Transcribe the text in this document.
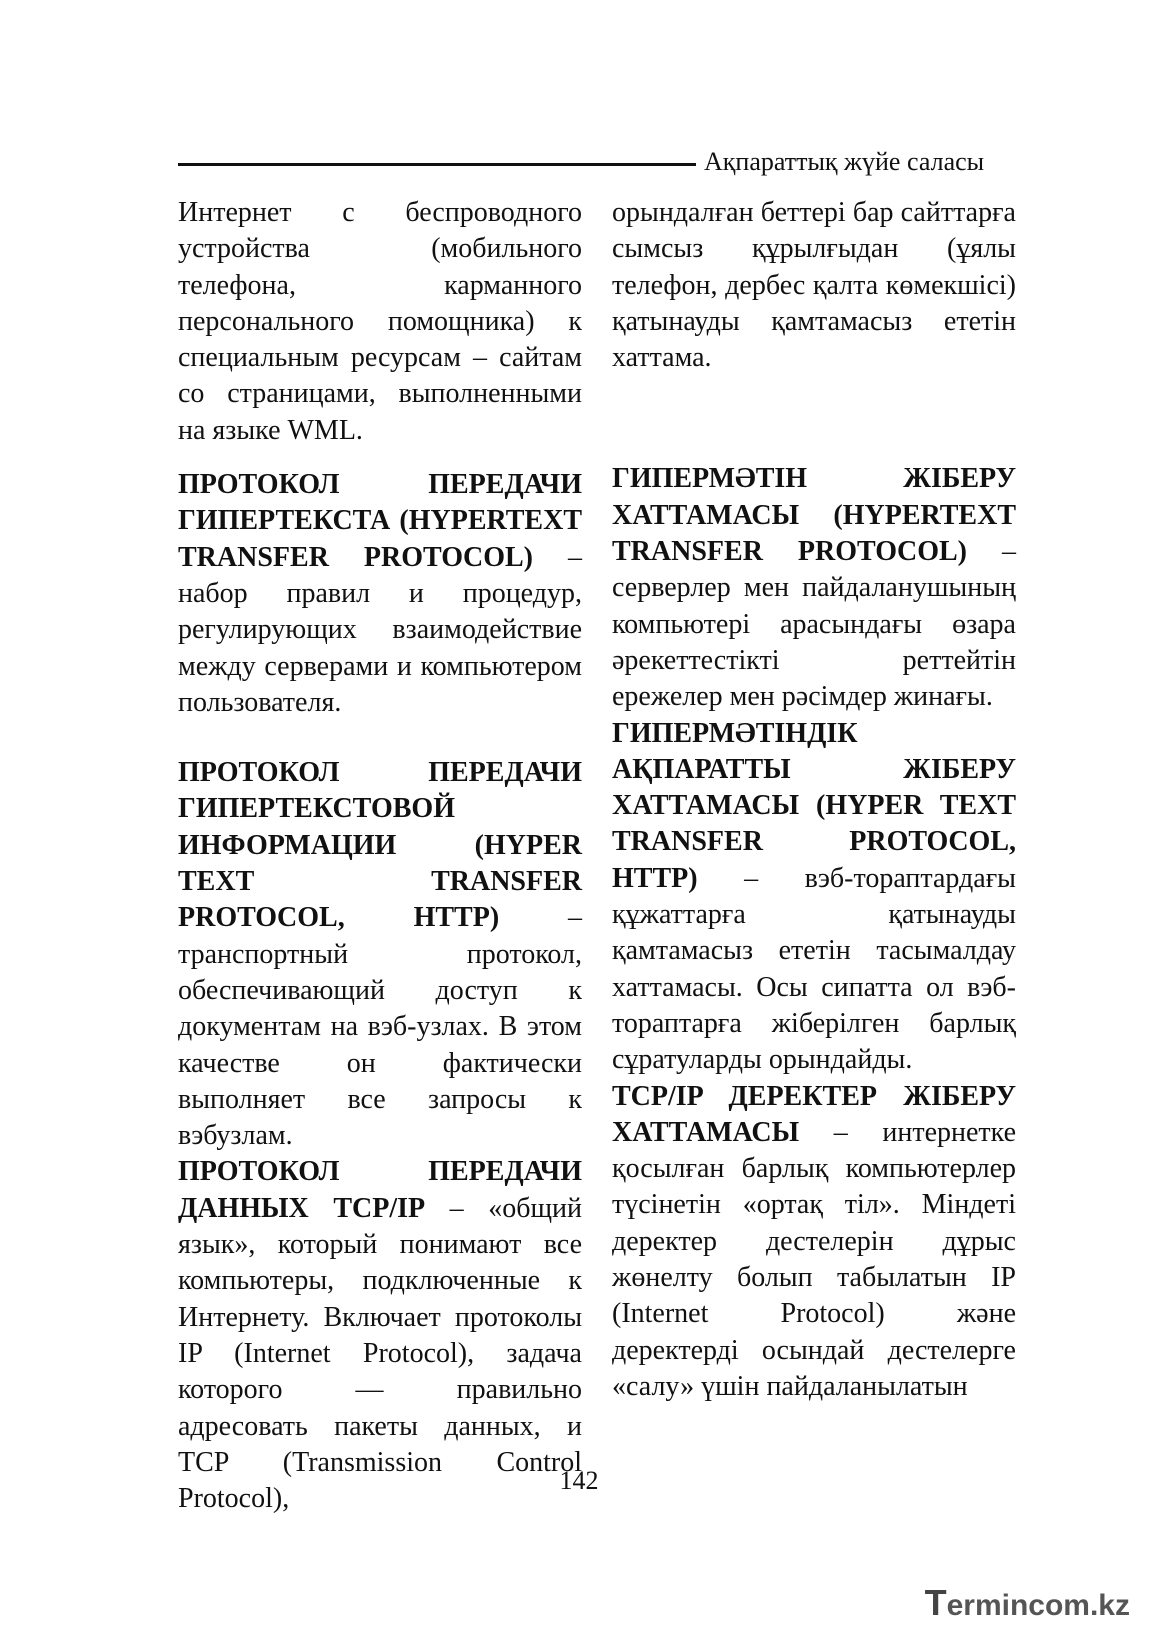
Ақпараттық жүйе саласы

Интернет с беспроводного устройства (мобильного телефона, карманного персонального помощника) к специальным ресурсам – сайтам со страницами, выполненными на языке WML.

ПРОТОКОЛ ПЕРЕДАЧИ ГИПЕРТЕКСТА (HYPERTEXT TRANSFER PROTOCOL) – набор правил и процедур, регулирующих взаимодействие между серверами и компьютером пользователя.

ПРОТОКОЛ ПЕРЕДАЧИ ГИПЕРТЕКСТОВОЙ ИНФОРМАЦИИ (HYPER TEXT TRANSFER PROTOCOL, HTTP) – транспортный протокол, обеспечивающий доступ к документам на вэб-узлах. В этом качестве он фактически выполняет все запросы к вэбузлам.

ПРОТОКОЛ ПЕРЕДАЧИ ДАННЫХ TCP/IP – «общий язык», который понимают все компьютеры, подключенные к Интернету. Включает протоколы IP (Internet Protocol), задача которого — правильно адресовать пакеты данных, и TCP (Transmission Control Protocol),

орындалған беттері бар сайттарға сымсыз құрылғыдан (ұялы телефон, дербес қалта көмекшісі) қатынауды қамтамасыз ететін хаттама.

ГИПЕРМӘТІН ЖІБЕРУ ХАТТАМАСЫ (HYPERTEXT TRANSFER PROTOCOL) – серверлер мен пайдаланушының компьютері арасындағы өзара әрекеттестікті реттейтін ережелер мен рәсімдер жинағы.

ГИПЕРМӘТІНДІК АҚПАРАТТЫ ЖІБЕРУ ХАТТАМАСЫ (HYPER TEXT TRANSFER PROTOCOL, HTTP) – вэб-тораптардағы құжаттарға қатынауды қамтамасыз ететін тасымалдау хаттамасы. Осы сипатта ол вэб-тораптарға жіберілген барлық сұратуларды орындайды.

TCP/IP ДЕРЕКТЕР ЖІБЕРУ ХАТТАМАСЫ – интернетке қосылған барлық компьютерлер түсінетін «ортақ тіл». Міндеті деректер дестелерін дұрыс жөнелту болып табылатын IP (Internet Protocol) және деректерді осындай дестелерге «салу» үшін пайдаланылатын

142
Termincom.kz
